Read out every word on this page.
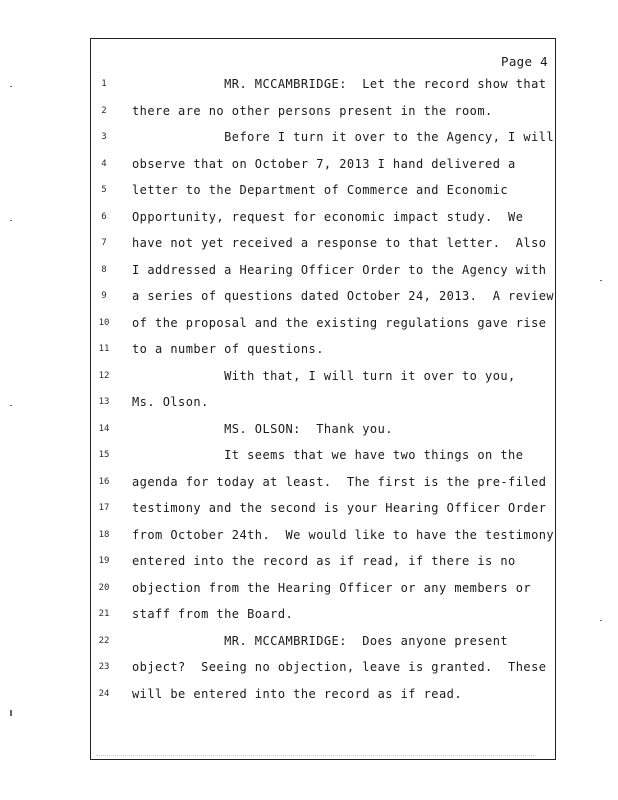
Page 4
1	MR. MCCAMBRIDGE:  Let the record show that
2	there are no other persons present in the room.
3	Before I turn it over to the Agency, I will
4	observe that on October 7, 2013 I hand delivered a
5	letter to the Department of Commerce and Economic
6	Opportunity, request for economic impact study.  We
7	have not yet received a response to that letter.  Also
8	I addressed a Hearing Officer Order to the Agency with
9	a series of questions dated October 24, 2013.  A review
10 of the proposal and the existing regulations gave rise
11 to a number of questions.
12 With that, I will turn it over to you,
13 Ms. Olson.
14 MS. OLSON:  Thank you.
15 It seems that we have two things on the
16 agenda for today at least.  The first is the pre-filed
17 testimony and the second is your Hearing Officer Order
18 from October 24th.  We would like to have the testimony
19 entered into the record as if read, if there is no
20 objection from the Hearing Officer or any members or
21 staff from the Board.
22 MR. MCCAMBRIDGE:  Does anyone present
23 object?  Seeing no objection, leave is granted.  These
24 will be entered into the record as if read.
